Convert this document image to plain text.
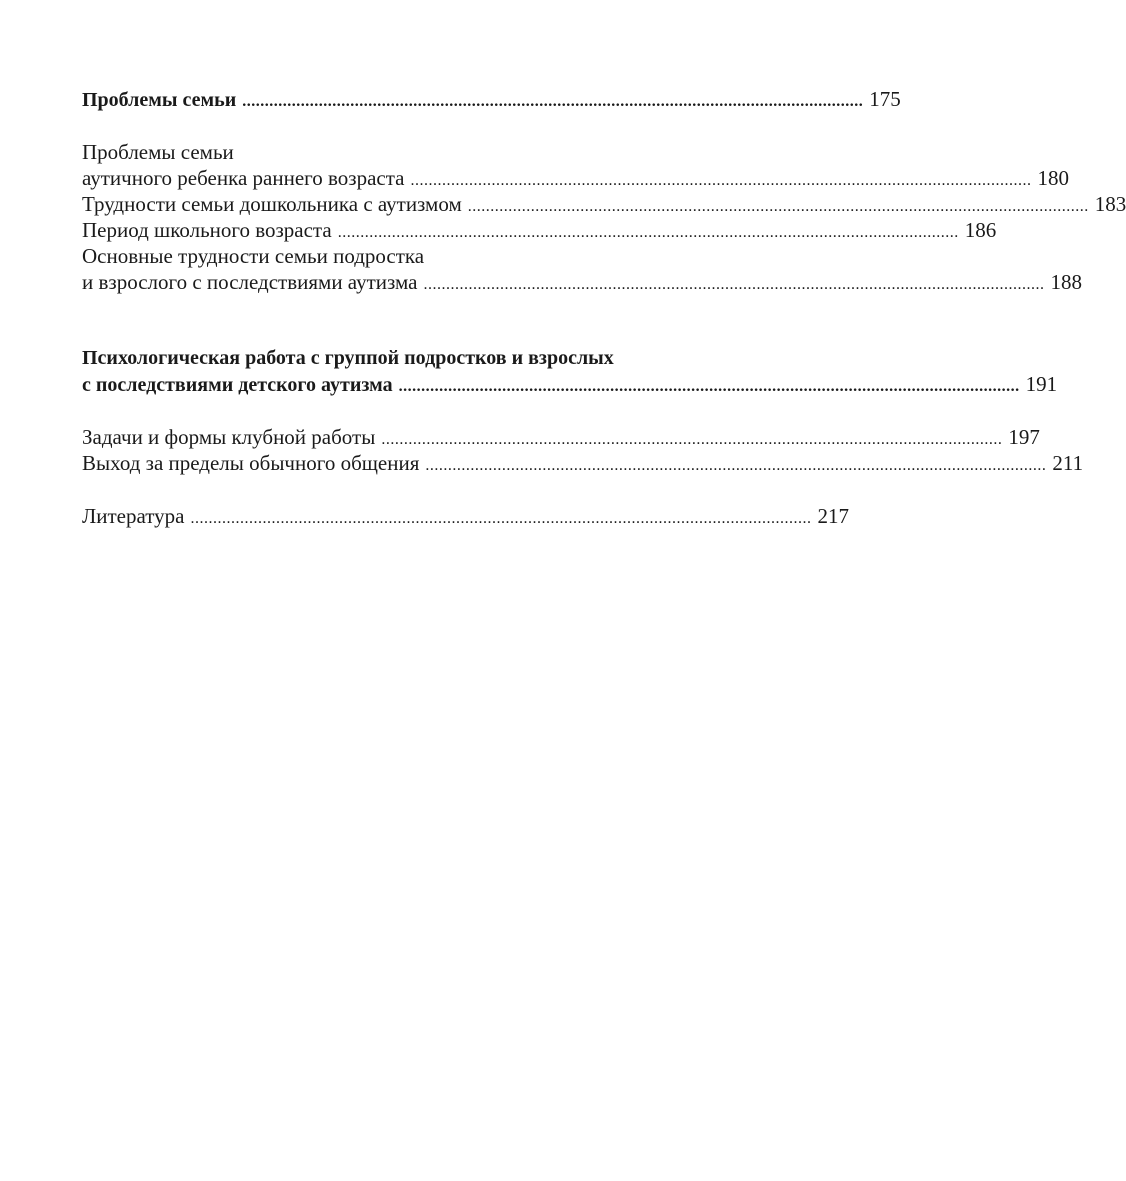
Проблемы семьи .......................................................................................................................................... 175
Проблемы семьи
аутичного ребенка раннего возраста .......................................................................................................................................... 180
Трудности семьи дошкольника с аутизмом .......................................................................................................................................... 183
Период школьного возраста .......................................................................................................................................... 186
Основные трудности семьи подростка
и взрослого с последствиями аутизма .......................................................................................................................................... 188
Психологическая работа с группой подростков и взрослых
с последствиями детского аутизма .......................................................................................................................................... 191
Задачи и формы клубной работы .......................................................................................................................................... 197
Выход за пределы обычного общения .......................................................................................................................................... 211
Литература .......................................................................................................................................... 217
